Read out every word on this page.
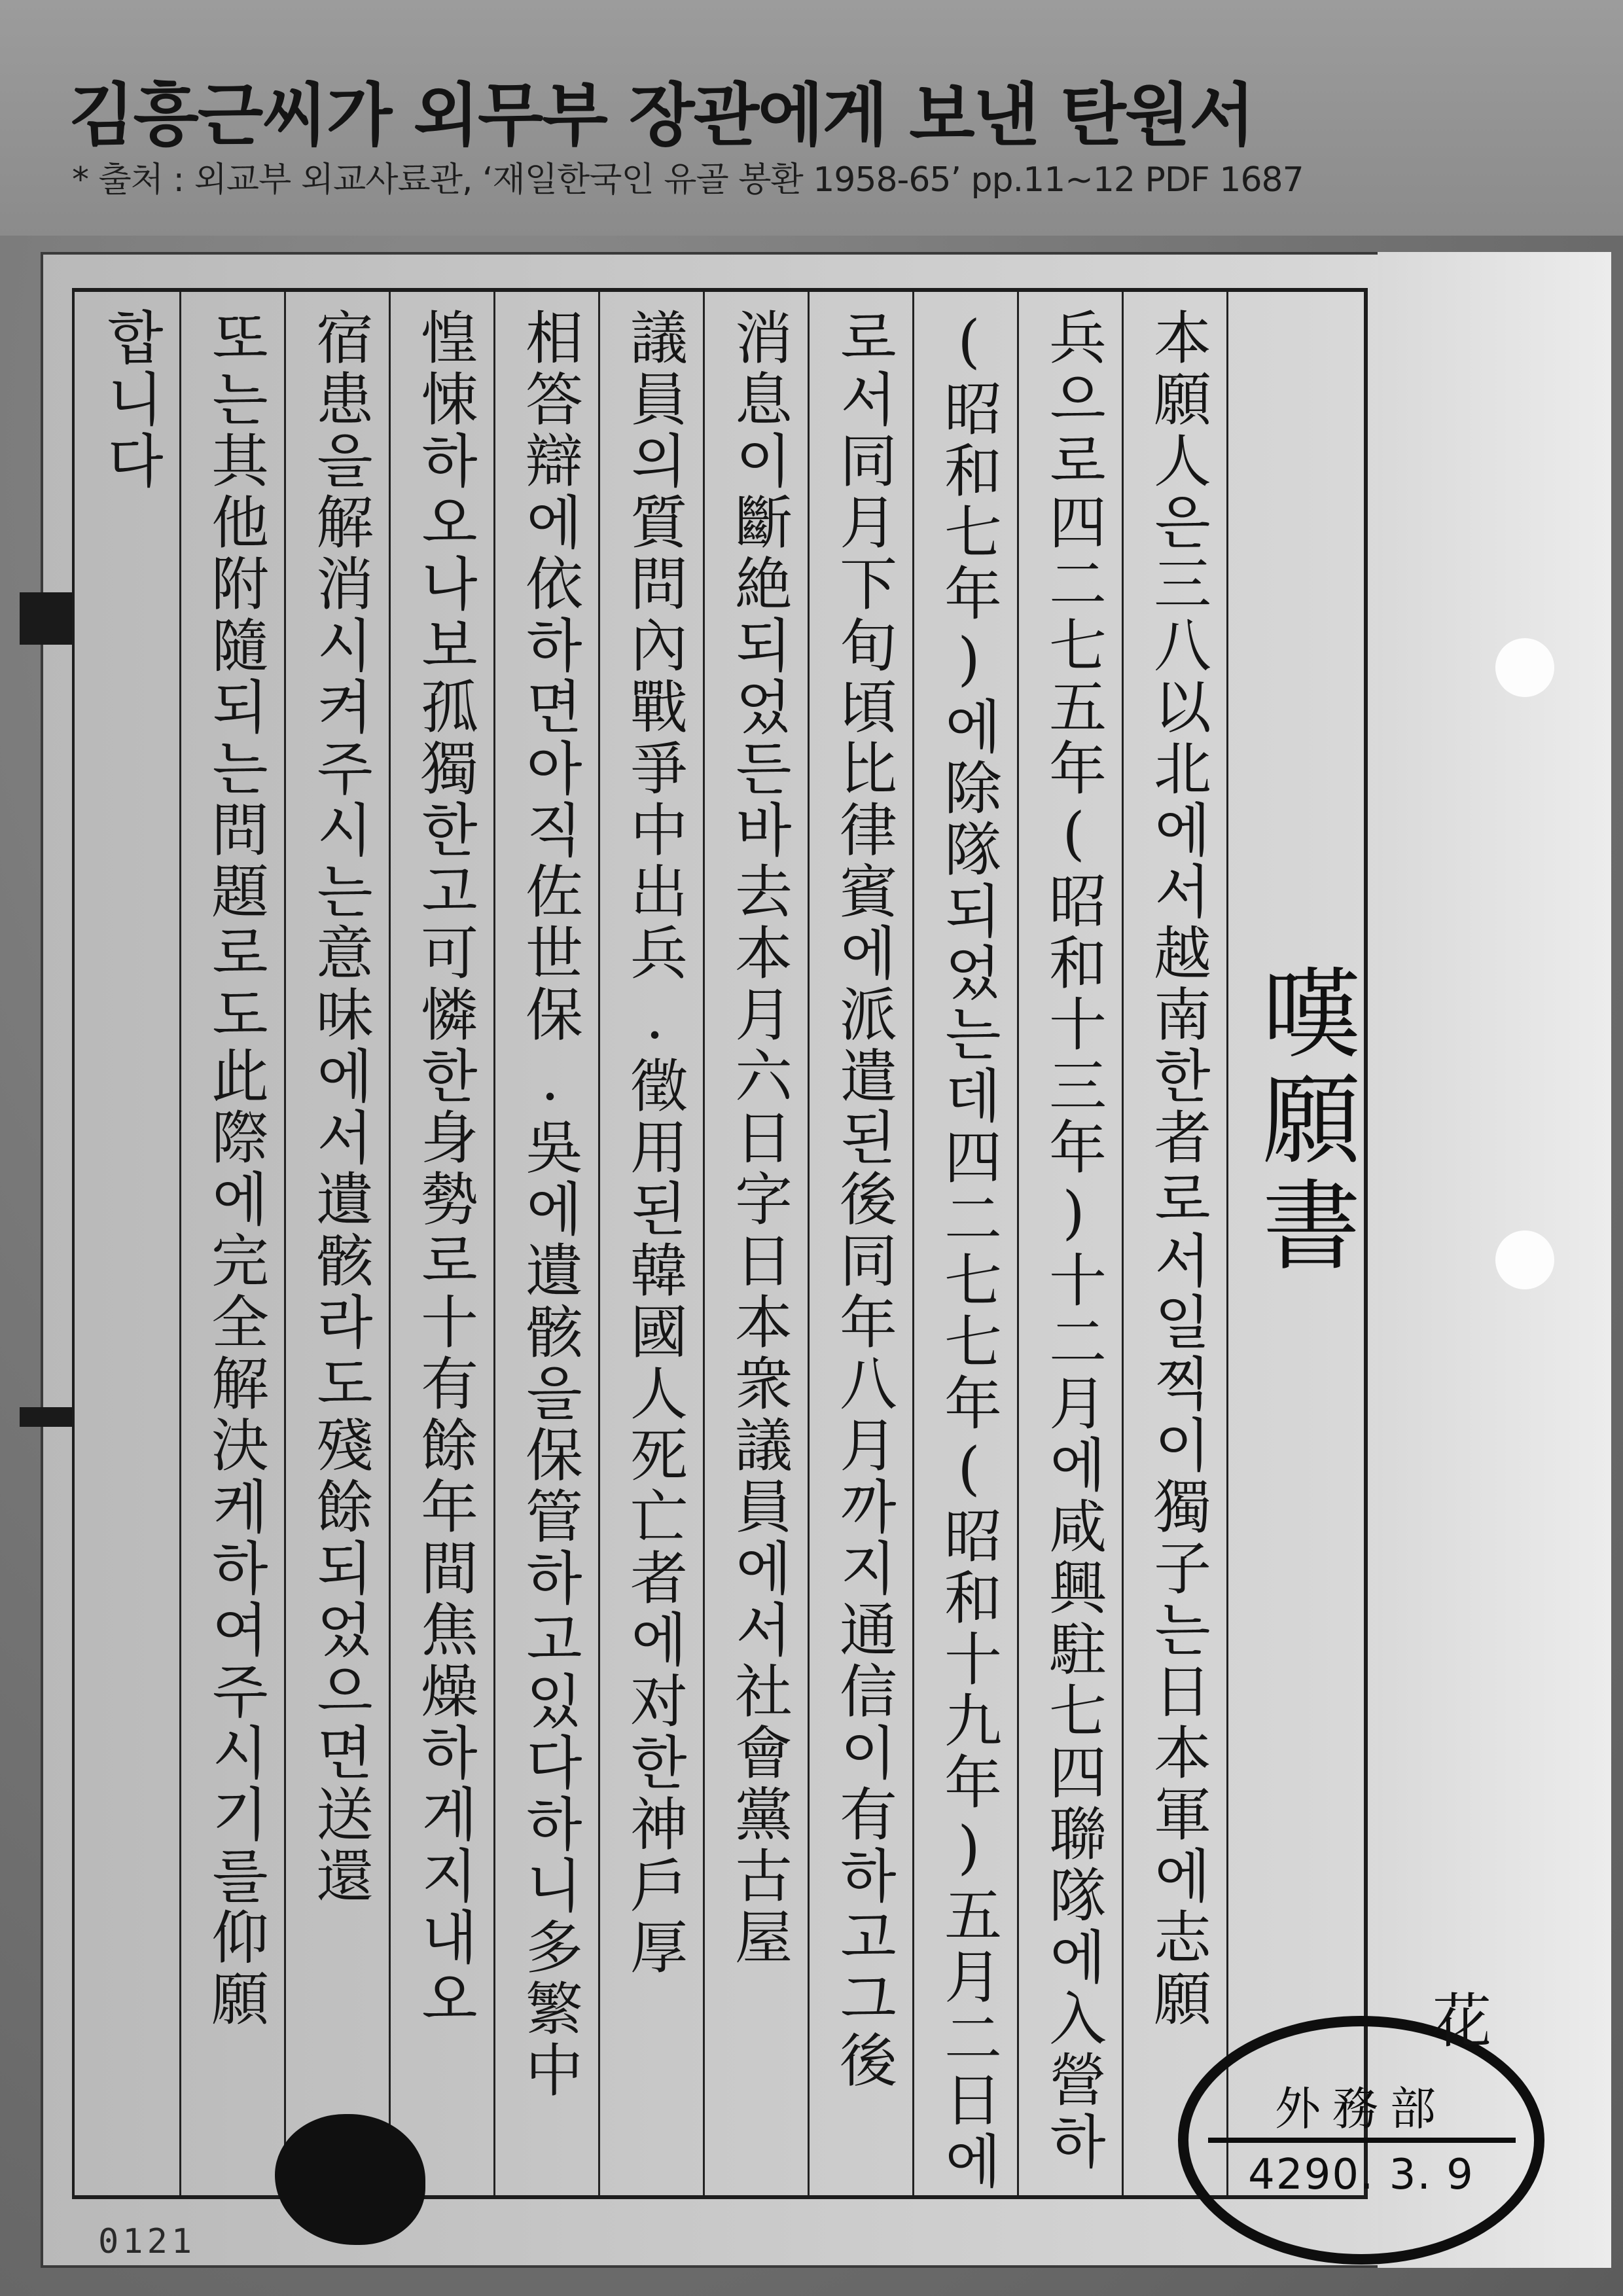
김흥근씨가 외무부 장관에게 보낸 탄원서
* 출처 : 외교부 외교사료관, ‘재일한국인 유골 봉환 1958-65’ pp.11~12 PDF 1687
嘆願書
本願人은三八以北에서越南한者로서일찍이獨子는日本軍에志願
兵으로四二七五年(昭和十三年)十二月에咸興駐七四聯隊에入營하
(昭和七年)에除隊되었는데四二七七年(昭和十九年)五月二日에
로서同月下旬頃比律賓에派遣된後同年八月까지通信이有하고그後
消息이斷絶되었든바去本月六日字日本衆議員에서社會黨古屋
議員의質問內戰爭中出兵.徵用된韓國人死亡者에对한神戶厚
相答辯에依하면아직佐世保.吳에遺骸을保管하고있다하니多繁中
惶悚하오나보孤獨한고可憐한身勢로十有餘年間焦燥하게지내오
宿患을解消시켜주시는意味에서遺骸라도殘餘되었으면送還
또는其他附隨되는問題로도此際에完全解決케하여주시기를仰願
합니다
外務部
4290. 3. 9
花
0121
